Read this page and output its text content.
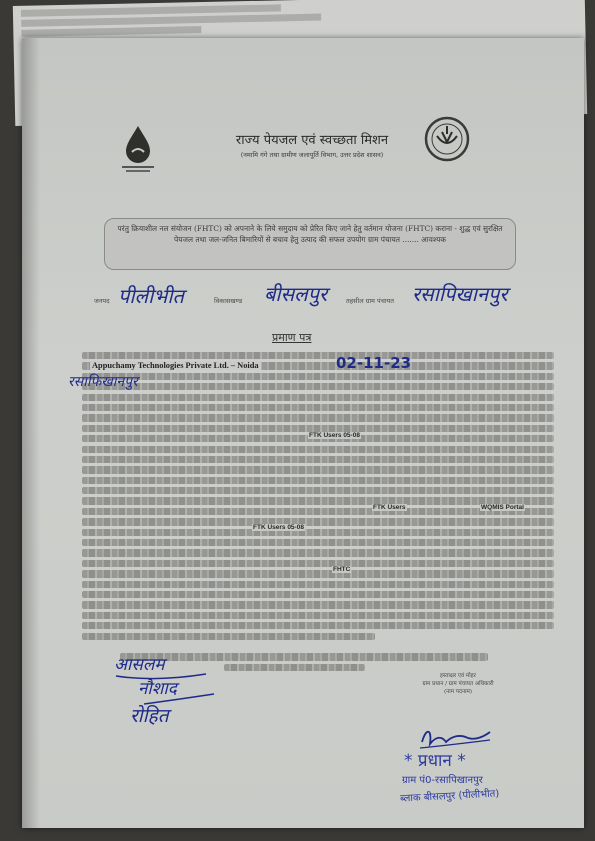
राज्य पेयजल एवं स्वच्छता मिशन
(नमामि गंगे तथा ग्रामीण जलापूर्ति विभाग, उत्तर प्रदेश शासन)
परंतु क्रियाशील नल संयोजन (FHTC) को अपनाने के लिये समुदाय को प्रेरित किए जाने हेतु वर्तमान योजना (FHTC) कराना - शुद्ध एवं सुरक्षित पेयजल तथा जल-जनित बिमारियों से बचाव हेतु उत्पाद की सफल उपयोग ग्राम पंचायत ....... आवश्यक
जनपद पीलीभीत	विकासखण्ड बीसलपुर	तहसील ग्राम पंचायत रसापिखानपुर
प्रमाण पत्र
Appuchamy Technologies Private Ltd. – Noida	02-11-23
रसाफिखानपुर
FTK Users 05-08
FTK Users	WQMIS Portal
FTK Users 05-08
FHTC
आसलम
नौशाद
रोहित
हस्ताक्षर एवं मोहर
ग्राम प्रधान / ग्राम पंचायत अधिकारी
(नाम पदनाम)
* प्रधान *
ग्राम पं0-रसापिखानपुर
ब्लाक बीसलपुर (पीलीभीत)
